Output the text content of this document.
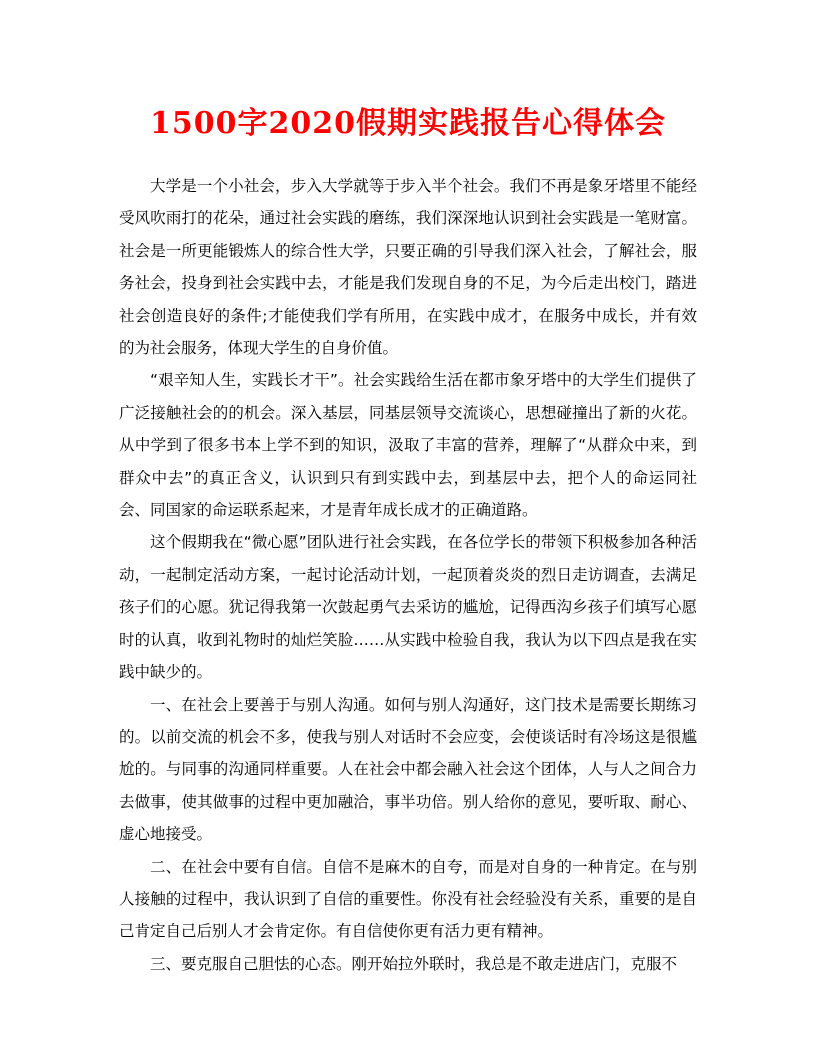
1500字2020假期实践报告心得体会

大学是一个小社会，步入大学就等于步入半个社会。我们不再是象牙塔里不能经受风吹雨打的花朵，通过社会实践的磨练，我们深深地认识到社会实践是一笔财富。社会是一所更能锻炼人的综合性大学，只要正确的引导我们深入社会，了解社会，服务社会，投身到社会实践中去，才能是我们发现自身的不足，为今后走出校门，踏进社会创造良好的条件;才能使我们学有所用，在实践中成才，在服务中成长，并有效的为社会服务，体现大学生的自身价值。

“艰辛知人生，实践长才干”。社会实践给生活在都市象牙塔中的大学生们提供了广泛接触社会的的机会。深入基层，同基层领导交流谈心，思想碰撞出了新的火花。从中学到了很多书本上学不到的知识，汲取了丰富的营养，理解了“从群众中来，到群众中去”的真正含义，认识到只有到实践中去，到基层中去，把个人的命运同社会、同国家的命运联系起来，才是青年成长成才的正确道路。

这个假期我在“微心愿”团队进行社会实践，在各位学长的带领下积极参加各种活动，一起制定活动方案，一起讨论活动计划，一起顶着炎炎的烈日走访调查，去满足孩子们的心愿。犹记得我第一次鼓起勇气去采访的尴尬，记得西沟乡孩子们填写心愿时的认真，收到礼物时的灿烂笑脸……从实践中检验自我，我认为以下四点是我在实践中缺少的。

一、在社会上要善于与别人沟通。如何与别人沟通好，这门技术是需要长期练习的。以前交流的机会不多，使我与别人对话时不会应变，会使谈话时有冷场这是很尴尬的。与同事的沟通同样重要。人在社会中都会融入社会这个团体，人与人之间合力去做事，使其做事的过程中更加融洽，事半功倍。别人给你的意见，要听取、耐心、虚心地接受。

二、在社会中要有自信。自信不是麻木的自夸，而是对自身的一种肯定。在与别人接触的过程中，我认识到了自信的重要性。你没有社会经验没有关系，重要的是自己肯定自己后别人才会肯定你。有自信使你更有活力更有精神。

三、要克服自己胆怯的心态。刚开始拉外联时，我总是不敢走进店门，克服不
